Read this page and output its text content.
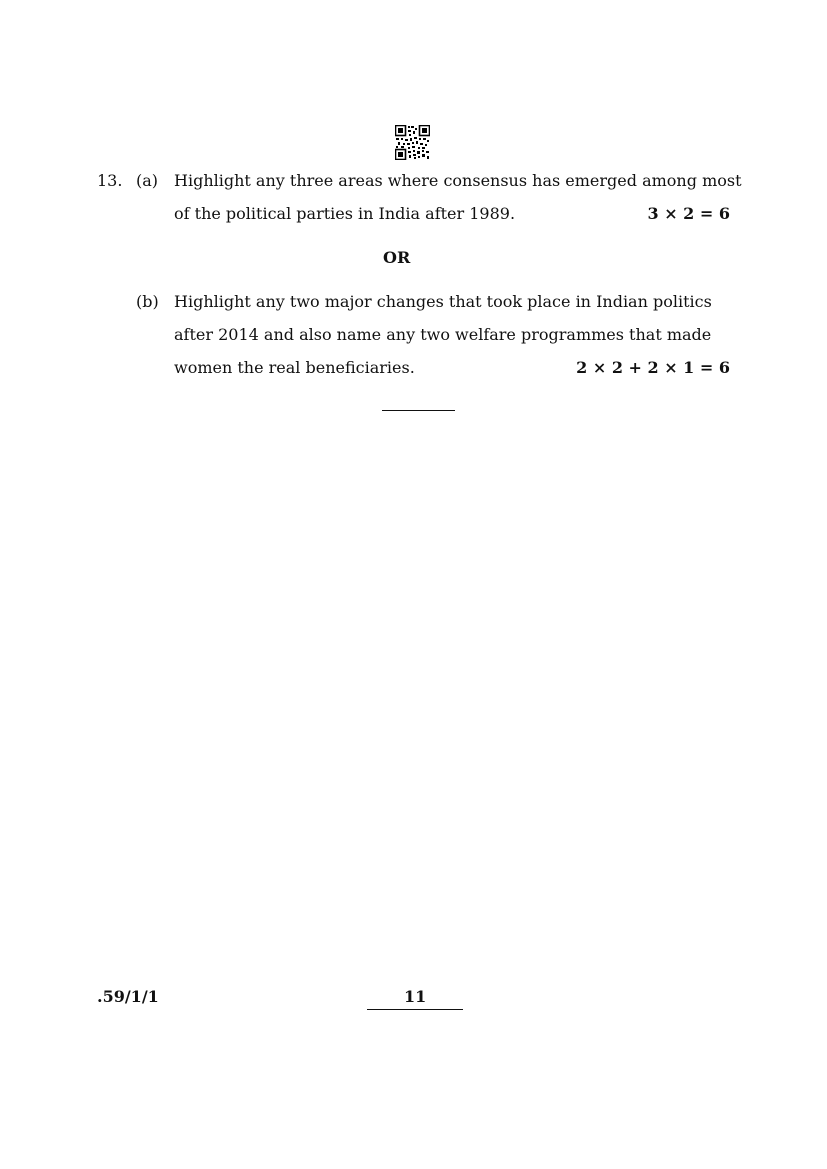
13. (a) Highlight any three areas where consensus has emerged among most
of the political parties in India after 1989.	3 × 2 = 6
OR
(b) Highlight any two major changes that took place in Indian politics
after 2014 and also name any two welfare programmes that made
women the real beneficiaries.	2 × 2 + 2 × 1 = 6
.59/1/1	11
